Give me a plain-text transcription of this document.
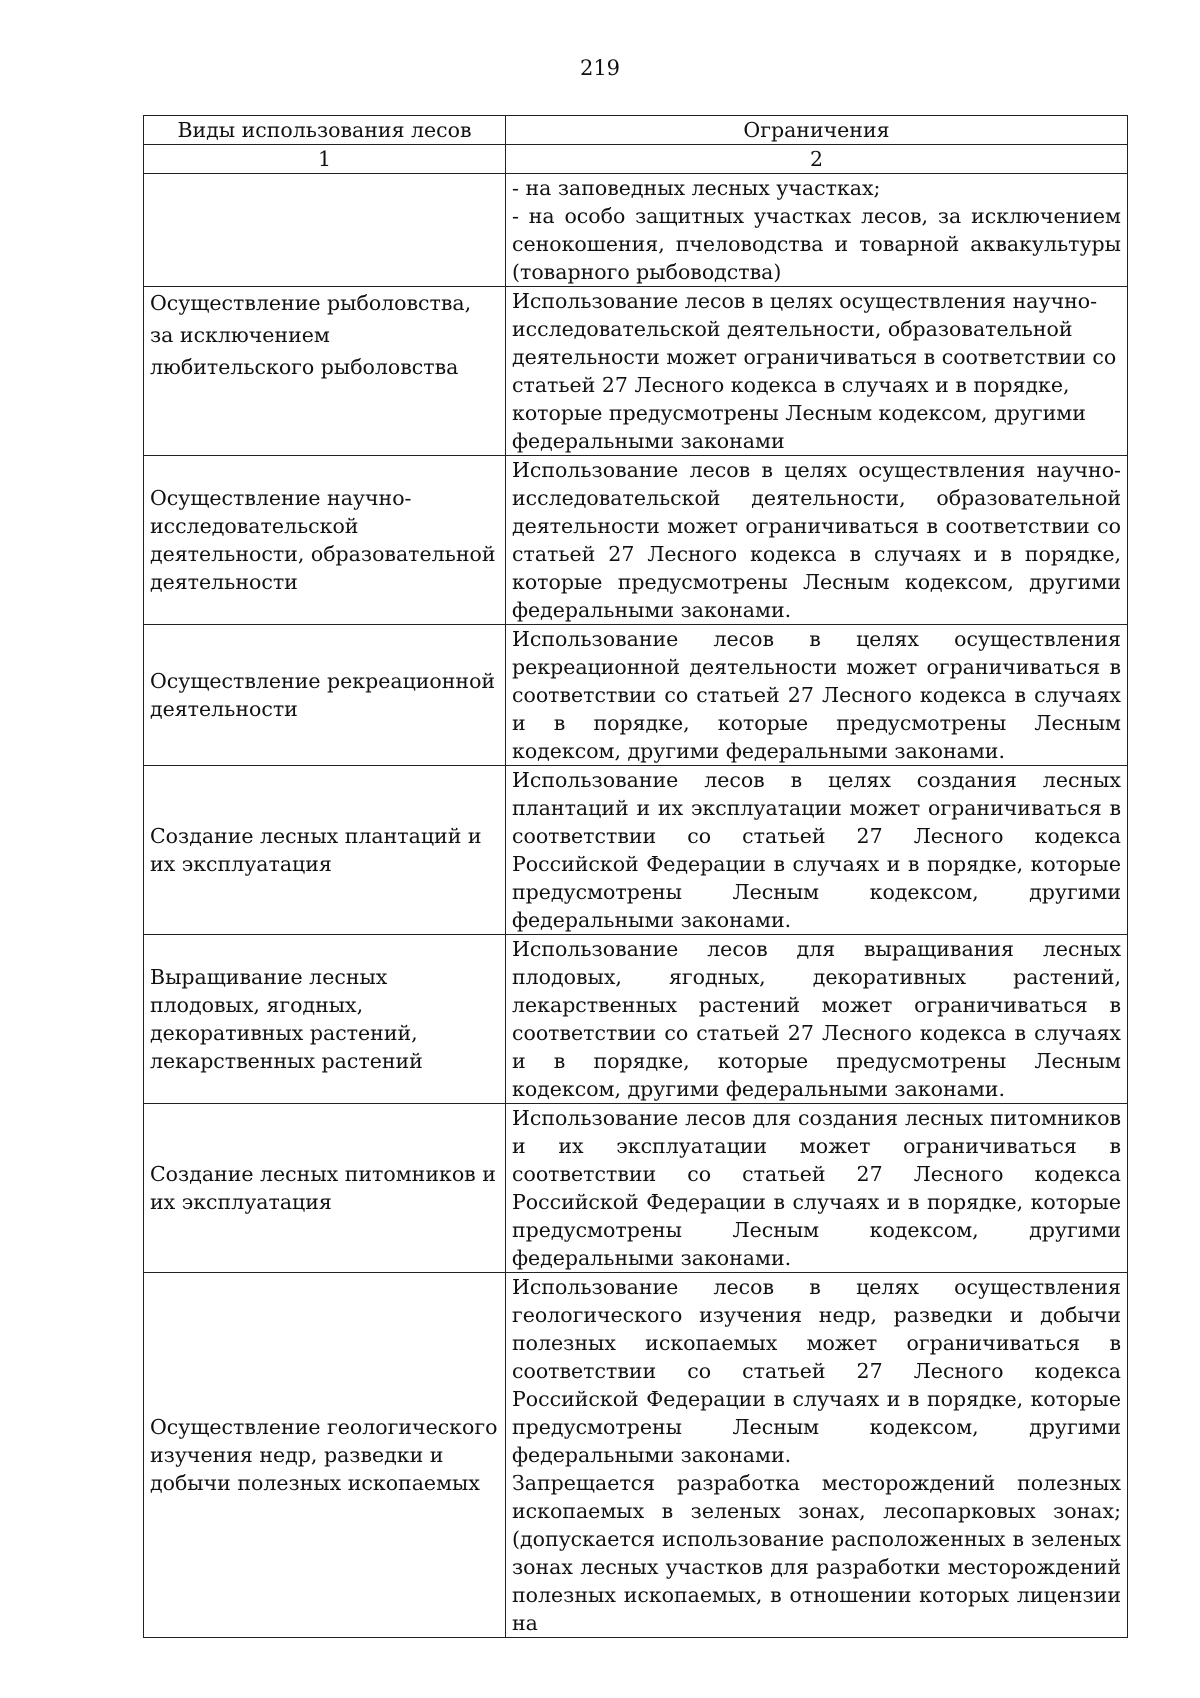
219
Виды использования лесов	Ограничения
1	2

	- на заповедных лесных участках;
- на особо защитных участках лесов, за исключением сенокошения, пчеловодства и товарной аквакультуры (товарного рыбоводства)

Осуществление рыболовства, за исключением любительского рыболовства	Использование лесов в целях осуществления научно-исследовательской деятельности, образовательной деятельности может ограничиваться в соответствии со статьей 27 Лесного кодекса в случаях и в порядке, которые предусмотрены Лесным кодексом, другими федеральными законами

Осуществление научно-исследовательской деятельности, образовательной деятельности	Использование лесов в целях осуществления научно-исследовательской деятельности, образовательной деятельности может ограничиваться в соответствии со статьей 27 Лесного кодекса в случаях и в порядке, которые предусмотрены Лесным кодексом, другими федеральными законами.

Осуществление рекреационной деятельности	Использование лесов в целях осуществления рекреационной деятельности может ограничиваться в соответствии со статьей 27 Лесного кодекса в случаях и в порядке, которые предусмотрены Лесным кодексом, другими федеральными законами.

Создание лесных плантаций и их эксплуатация	Использование лесов в целях создания лесных плантаций и их эксплуатации может ограничиваться в соответствии со статьей 27 Лесного кодекса Российской Федерации в случаях и в порядке, которые предусмотрены Лесным кодексом, другими федеральными законами.

Выращивание лесных плодовых, ягодных, декоративных растений, лекарственных растений	Использование лесов для выращивания лесных плодовых, ягодных, декоративных растений, лекарственных растений может ограничиваться в соответствии со статьей 27 Лесного кодекса в случаях и в порядке, которые предусмотрены Лесным кодексом, другими федеральными законами.

Создание лесных питомников и их эксплуатация	Использование лесов для создания лесных питомников и их эксплуатации может ограничиваться в соответствии со статьей 27 Лесного кодекса Российской Федерации в случаях и в порядке, которые предусмотрены Лесным кодексом, другими федеральными законами.

Осуществление геологического изучения недр, разведки и добычи полезных ископаемых	Использование лесов в целях осуществления геологического изучения недр, разведки и добычи полезных ископаемых может ограничиваться в соответствии со статьей 27 Лесного кодекса Российской Федерации в случаях и в порядке, которые предусмотрены Лесным кодексом, другими федеральными законами.
Запрещается разработка месторождений полезных ископаемых в зеленых зонах, лесопарковых зонах; (допускается использование расположенных в зеленых зонах лесных участков для разработки месторождений полезных ископаемых, в отношении которых лицензии на
